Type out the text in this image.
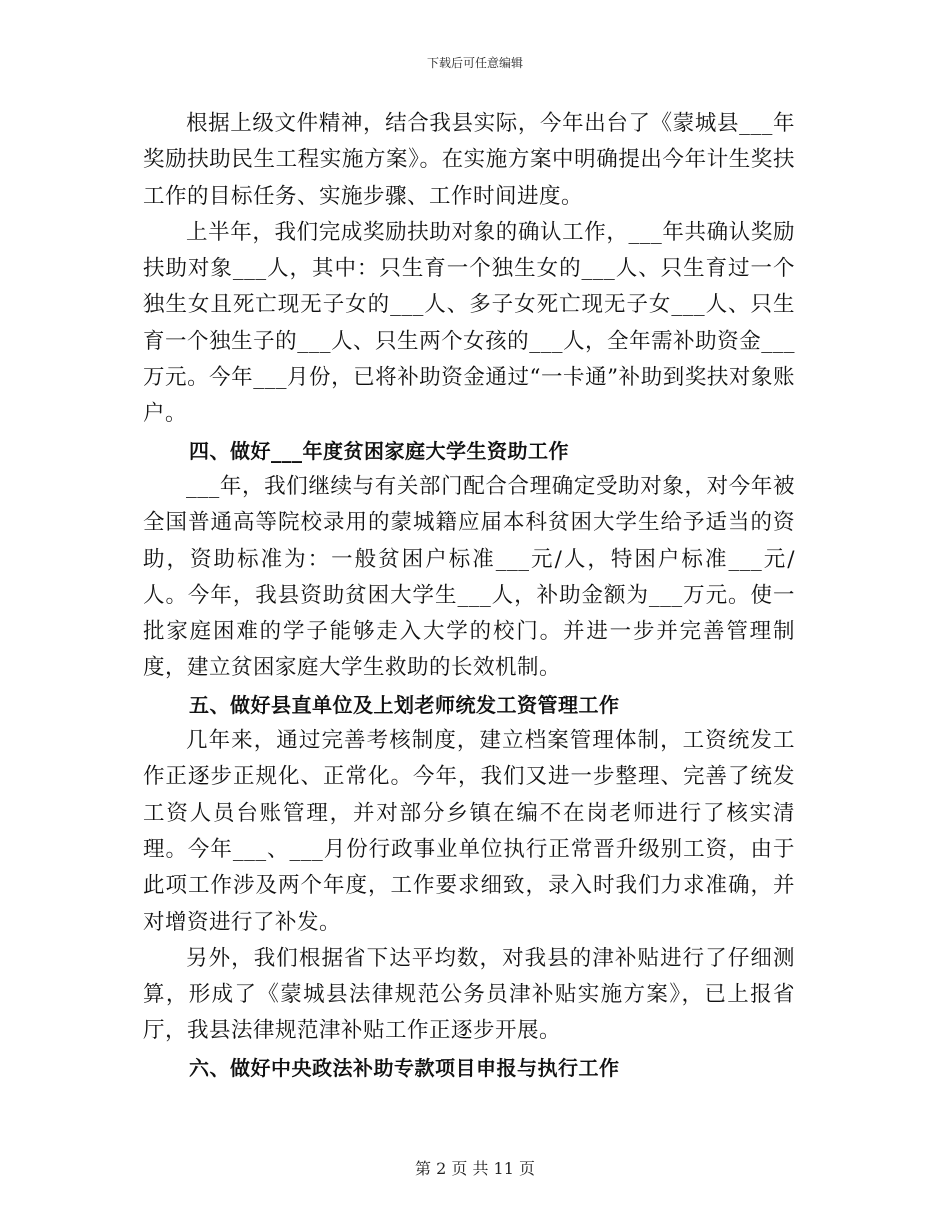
下载后可任意编辑

根据上级文件精神，结合我县实际，今年出台了《蒙城县___年奖励扶助民生工程实施方案》。在实施方案中明确提出今年计生奖扶工作的目标任务、实施步骤、工作时间进度。

上半年，我们完成奖励扶助对象的确认工作，___年共确认奖励扶助对象___人，其中：只生育一个独生女的___人、只生育过一个独生女且死亡现无子女的___人、多子女死亡现无子女___人、只生育一个独生子的___人、只生两个女孩的___人，全年需补助资金___万元。今年___月份，已将补助资金通过“一卡通”补助到奖扶对象账户。

四、做好___年度贫困家庭大学生资助工作

___年，我们继续与有关部门配合合理确定受助对象，对今年被全国普通高等院校录用的蒙城籍应届本科贫困大学生给予适当的资助，资助标准为：一般贫困户标准___元/人，特困户标准___元/人。今年，我县资助贫困大学生___人，补助金额为___万元。使一批家庭困难的学子能够走入大学的校门。并进一步并完善管理制度，建立贫困家庭大学生救助的长效机制。

五、做好县直单位及上划老师统发工资管理工作

几年来，通过完善考核制度，建立档案管理体制，工资统发工作正逐步正规化、正常化。今年，我们又进一步整理、完善了统发工资人员台账管理，并对部分乡镇在编不在岗老师进行了核实清理。今年___、___月份行政事业单位执行正常晋升级别工资，由于此项工作涉及两个年度，工作要求细致，录入时我们力求准确，并对增资进行了补发。

另外，我们根据省下达平均数，对我县的津补贴进行了仔细测算，形成了《蒙城县法律规范公务员津补贴实施方案》，已上报省厅，我县法律规范津补贴工作正逐步开展。

六、做好中央政法补助专款项目申报与执行工作

第 2 页 共 11 页
